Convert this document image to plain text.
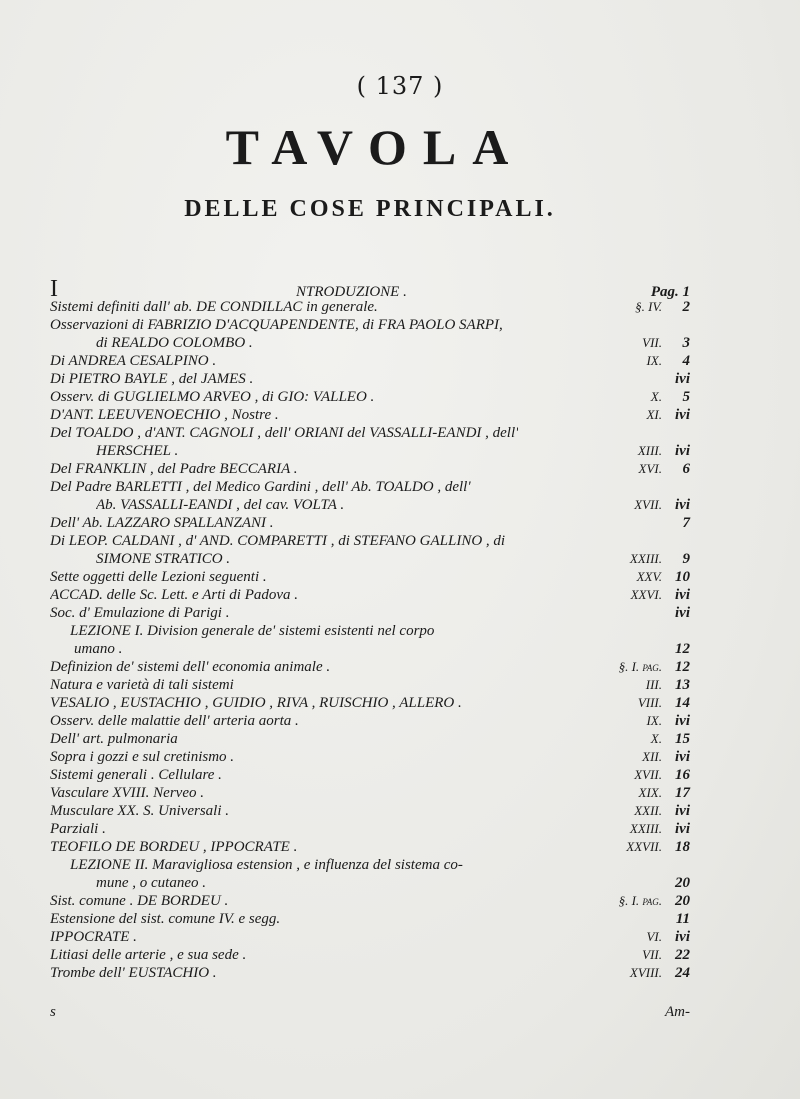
( 137 )
TAVOLA
DELLE COSE PRINCIPALI.
I	NTRODUZIONE .	Pag. 1
Sistemi definiti dall' ab. DE CONDILLAC in generale.	§. IV.	2
Osservazioni di FABRIZIO D'ACQUAPENDENTE, di FRA PAOLO SARPI,
di REALDO COLOMBO .	VII.	3
Di ANDREA CESALPINO .	IX.	4
Di PIETRO BAYLE , del JAMES .	ivi
Osserv. di GUGLIELMO ARVEO , di GIO: VALLEO .	X.	5
D'ANT. LEEUVENOECHIO , Nostre .	XI. ivi
Del TOALDO , d'ANT. CAGNOLI , dell' ORIANI del VASSALLI-EANDI , dell'
HERSCHEL .	XIII. ivi
Del FRANKLIN , del Padre BECCARIA .	XVI.	6
Del Padre BARLETTI , del Medico Gardini , dell' Ab. TOALDO , dell'
Ab. VASSALLI-EANDI , del cav. VOLTA .	XVII. ivi
Dell' Ab. LAZZARO SPALLANZANI .	7
Di LEOP. CALDANI , d' AND. COMPARETTI , di STEFANO GALLINO , di
SIMONE STRATICO .	XXIII.	9
Sette oggetti delle Lezioni seguenti .	XXV. 10
ACCAD. delle Sc. Lett. e Arti di Padova .	XXVI. ivi
Soc. d' Emulazione di Parigi .	ivi
LEZIONE I. Division generale de' sistemi esistenti nel corpo
umano .	12
Definizion de' sistemi dell' economia animale .	§. I. pag. 12
Natura e varietà di tali sistemi	III. 13
VESALIO , EUSTACHIO , GUIDIO , RIVA , RUISCHIO , ALLERO .	VIII. 14
Osserv. delle malattie dell' arteria aorta .	IX. ivi
Dell' art. pulmonaria	X. 15
Sopra i gozzi e sul cretinismo .	XII. ivi
Sistemi generali . Cellulare .	XVII. 16
Vasculare XVIII. Nerveo .	XIX. 17
Musculare XX. S. Universali .	XXII. ivi
Parziali .	XXIII. ivi
TEOFILO DE BORDEU , IPPOCRATE .	XXVII. 18
LEZIONE II. Maravigliosa estension , e influenza del sistema co-
mune , o cutaneo .	20
Sist. comune . DE BORDEU .	§. I. pag. 20
Estensione del sist. comune IV. e segg.	11
IPPOCRATE .	VI. ivi
Litiasi delle arterie , e sua sede .	VII. 22
Trombe dell' EUSTACHIO .	XVIII. 24
s	Am-
